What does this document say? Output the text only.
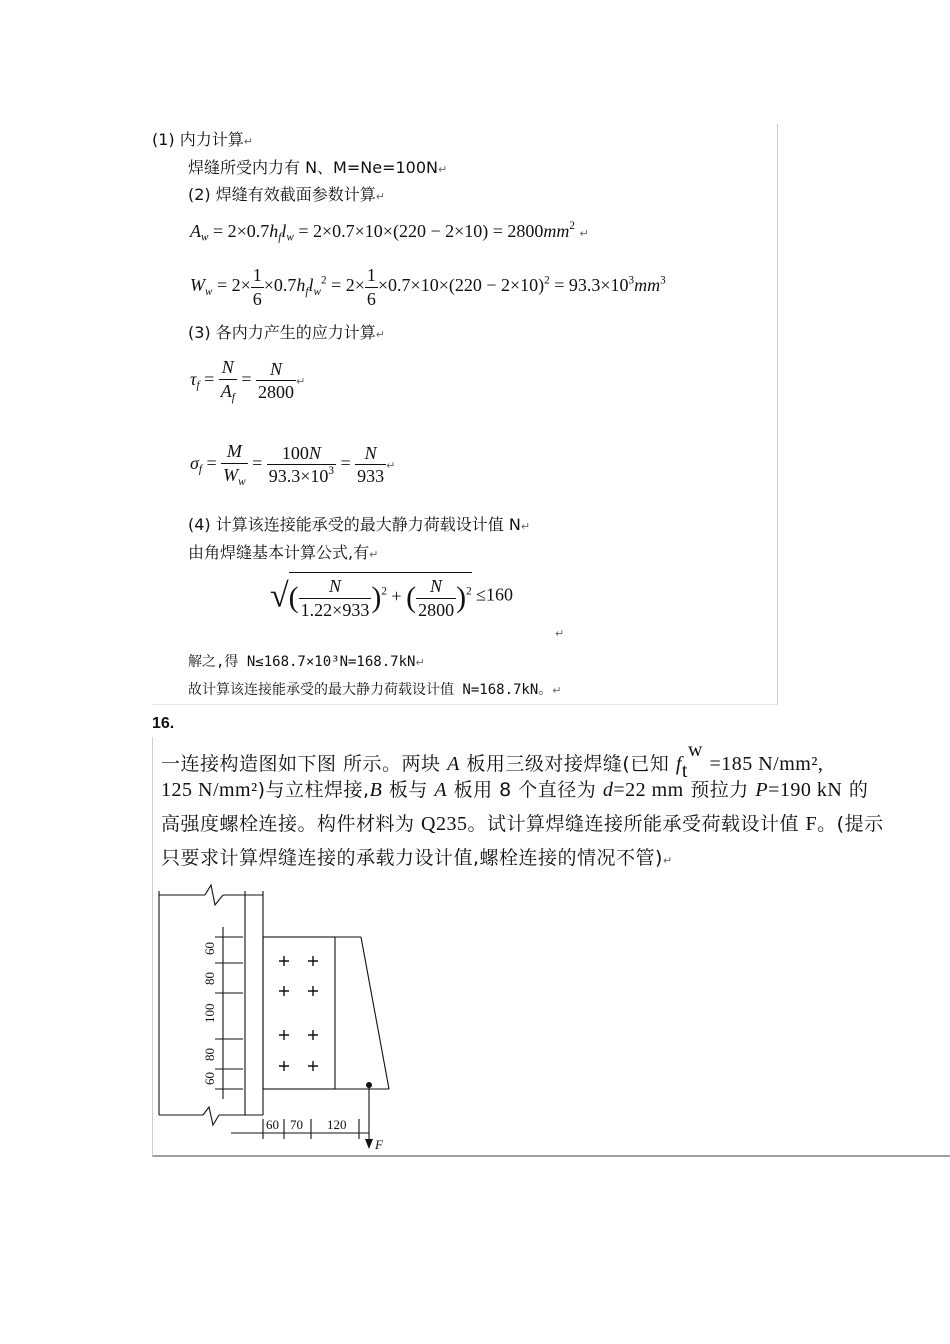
(1) 内力计算↵
焊缝所受内力有 N、M=Ne=100N↵
(2) 焊缝有效截面参数计算↵
$A_w = 2\times 0.7h_fl_w = 2\times 0.7\times 10\times(220 - 2\times 10) = 2800mm^2$ ↵
$W_w = 2\times \frac{1}{6} \times 0.7h_fl_w^2 = 2\times \frac{1}{6} \times 0.7\times 10\times(220 - 2\times 10)^2 = 93.3\times 10^3mm^3$
(3) 各内力产生的应力计算↵
$\tau_f = \frac{N}{A_f} = \frac{N}{2800}$ ↵
$\sigma_f = \frac{M}{W_w} = \frac{100N}{93.3\times 10^3} = \frac{N}{933}$ ↵
(4) 计算该连接能承受的最大静力荷载设计值 N↵
由角焊缝基本计算公式,有↵
√( $\frac{N}{1.22\times 933} )^2$ + ( $\frac{N}{2800} )^2 \le 160$
↵
解之,得 N≤168.7×10³N=168.7kN↵
故计算该连接能承受的最大静力荷载设计值 N=168.7kN。↵
16.
一连接构造图如下图 所示。两块 A 板用三级对接焊缝(已知 ftw =185 N/mm²,
125 N/mm²)与立柱焊接,B 板与 A 板用 8 个直径为 d=22 mm 预拉力 P=190 kN 的
高强度螺栓连接。构件材料为 Q235。试计算焊缝连接所能承受荷载设计值 F。(提示
只要求计算焊缝连接的承载力设计值,螺栓连接的情况不管)↵
60
80
100
80
60
60 70 120
F
